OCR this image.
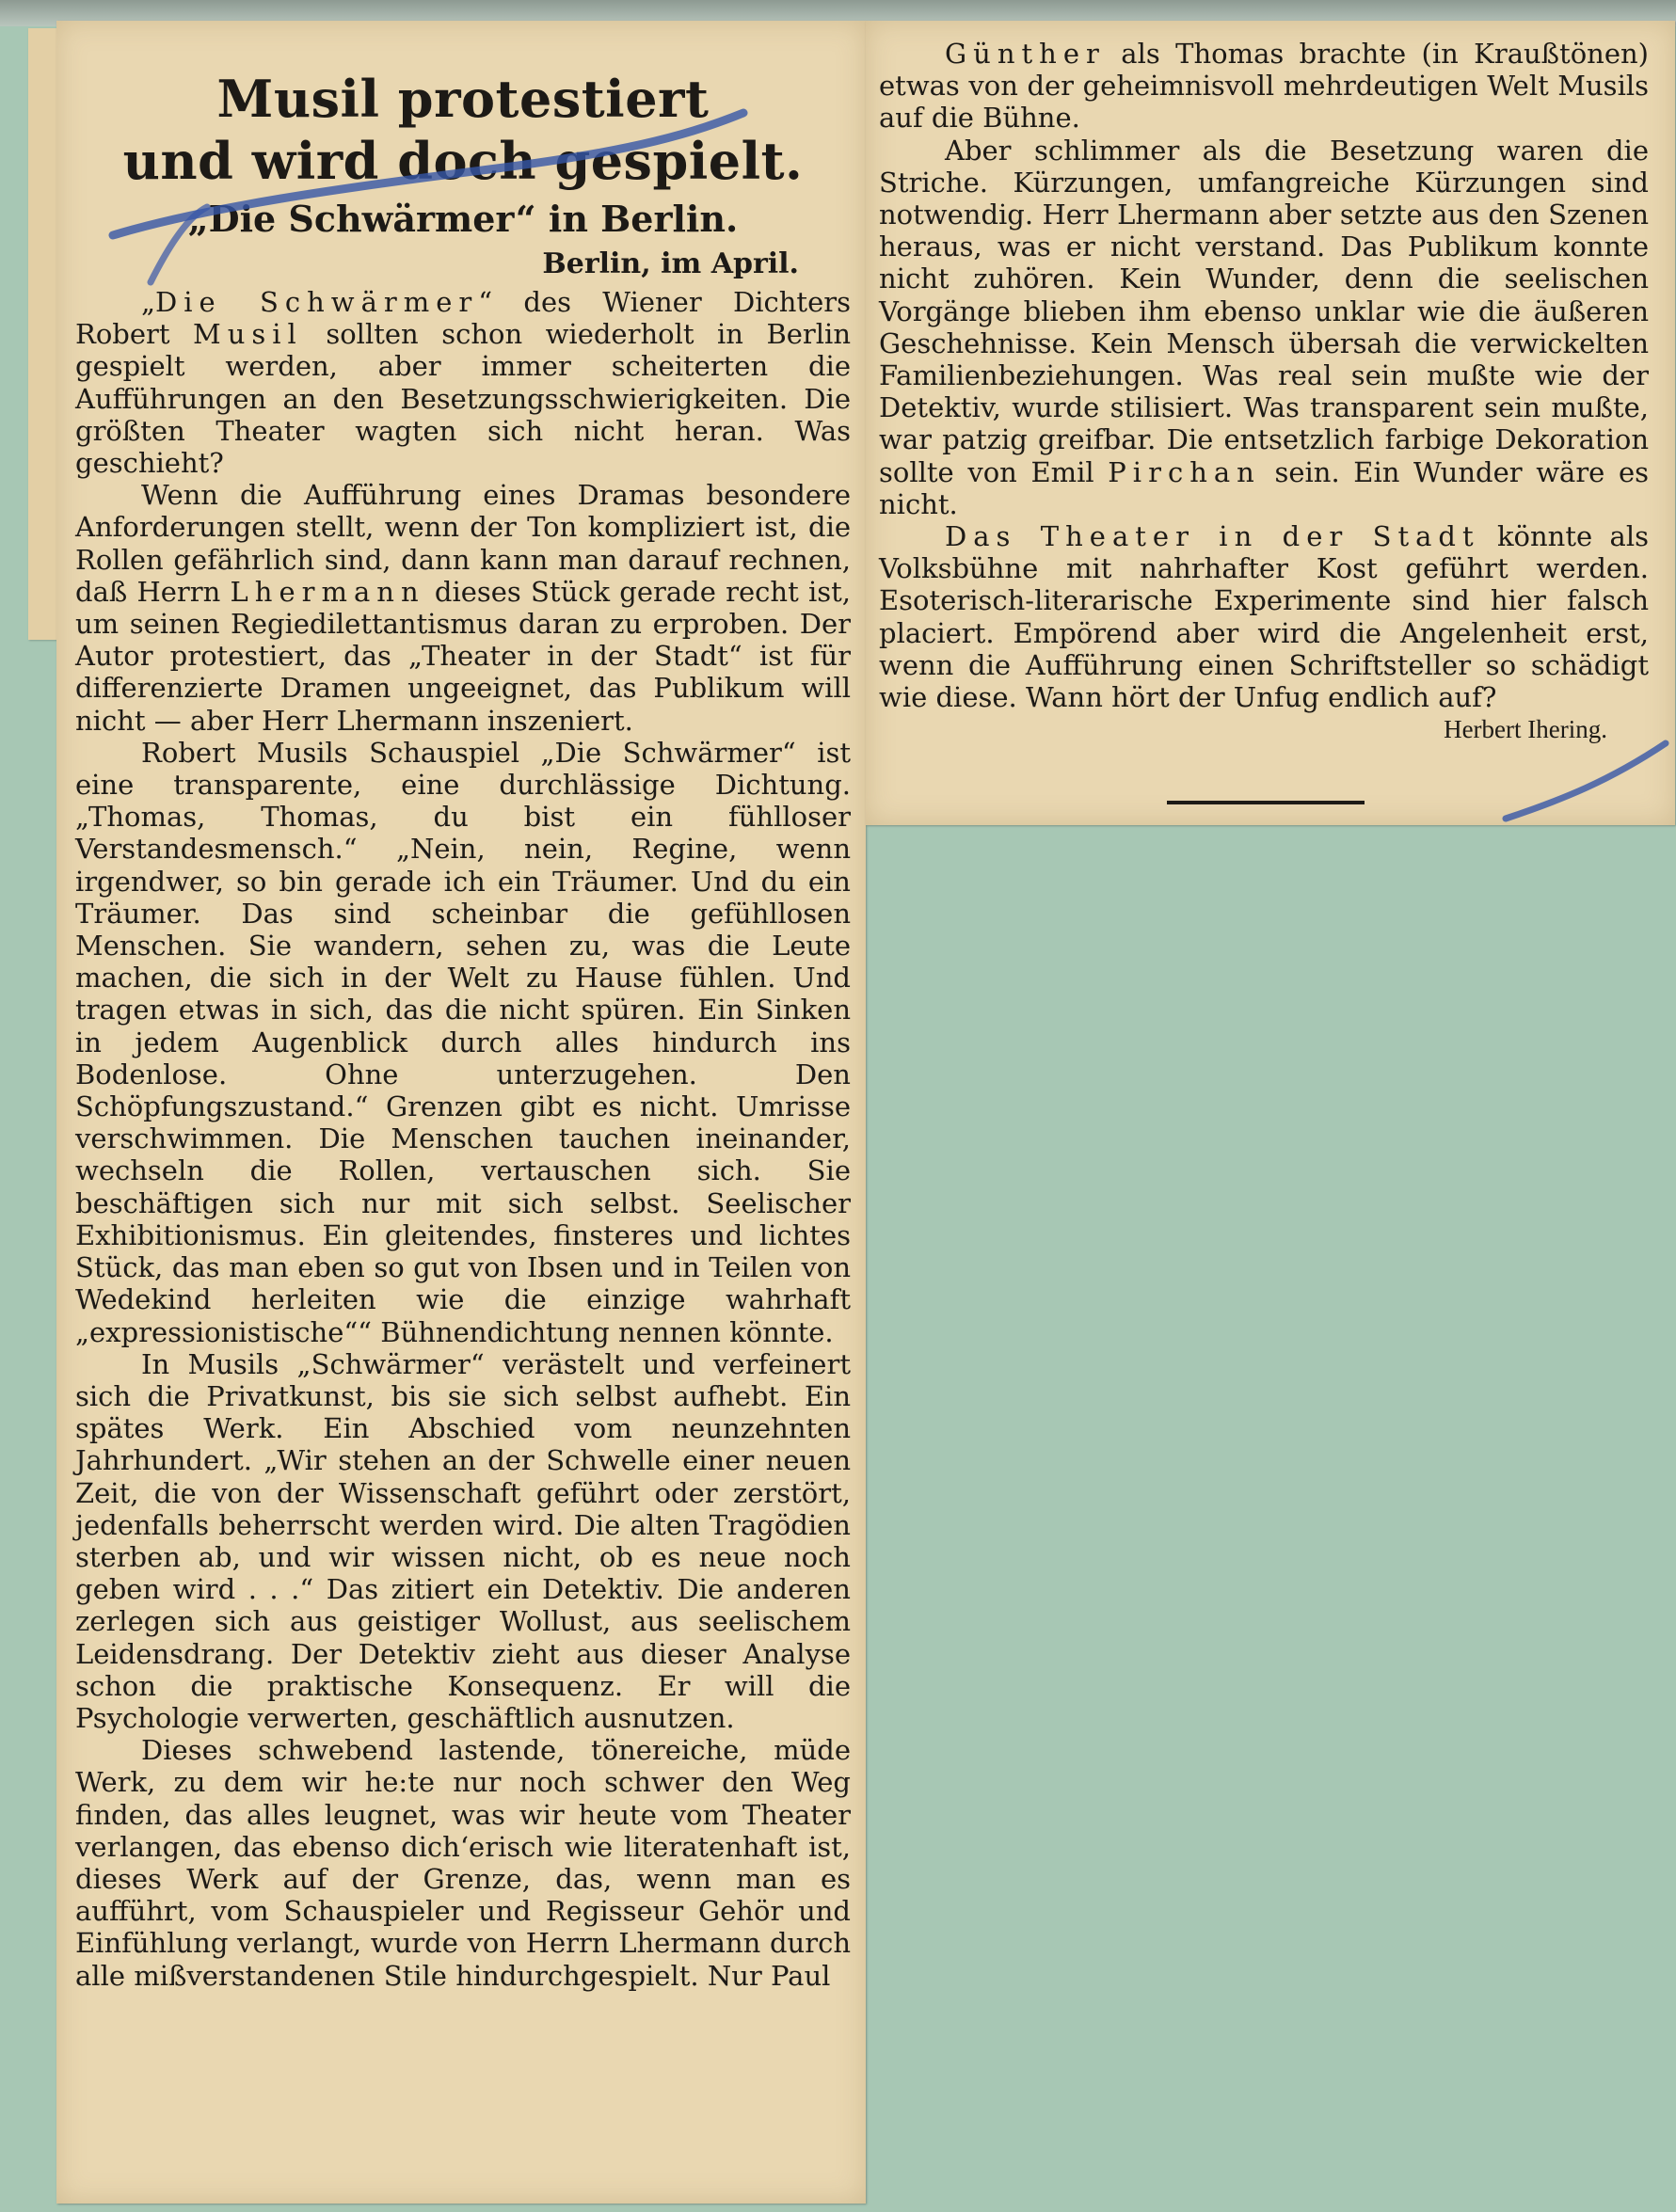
Musil protestiert
und wird doch gespielt.
„Die Schwärmer“ in Berlin.
Berlin, im April.

„Die Schwärmer“ des Wiener Dichters Robert Musil sollten schon wiederholt in Berlin gespielt werden, aber immer scheiterten die Aufführungen an den Besetzungsschwierigkeiten. Die größten Theater wagten sich nicht heran. Was geschieht?

Wenn die Aufführung eines Dramas besondere Anforderungen stellt, wenn der Ton kompliziert ist, die Rollen gefährlich sind, dann kann man darauf rechnen, daß Herrn Lhermann dieses Stück gerade recht ist, um seinen Regiedilettantismus daran zu erproben. Der Autor protestiert, das „Theater in der Stadt“ ist für differenzierte Dramen ungeeignet, das Publikum will nicht — aber Herr Lhermann inszeniert.

Robert Musils Schauspiel „Die Schwärmer“ ist eine transparente, eine durchlässige Dichtung. „Thomas, Thomas, du bist ein fühlloser Verstandesmensch.“ „Nein, nein, Regine, wenn irgendwer, so bin gerade ich ein Träumer. Und du ein Träumer. Das sind scheinbar die gefühllosen Menschen. Sie wandern, sehen zu, was die Leute machen, die sich in der Welt zu Hause fühlen. Und tragen etwas in sich, das die nicht spüren. Ein Sinken in jedem Augenblick durch alles hindurch ins Bodenlose. Ohne unterzugehen. Den Schöpfungszustand.“ Grenzen gibt es nicht. Umrisse verschwimmen. Die Menschen tauchen ineinander, wechseln die Rollen, vertauschen sich. Sie beschäftigen sich nur mit sich selbst. Seelischer Exhibitionismus. Ein gleitendes, finsteres und lichtes Stück, das man eben so gut von Ibsen und in Teilen von Wedekind herleiten wie die einzige wahrhaft „expressionistische““ Bühnendichtung nennen könnte.

In Musils „Schwärmer“ verästelt und verfeinert sich die Privatkunst, bis sie sich selbst aufhebt. Ein spätes Werk. Ein Abschied vom neunzehnten Jahrhundert. „Wir stehen an der Schwelle einer neuen Zeit, die von der Wissenschaft geführt oder zerstört, jedenfalls beherrscht werden wird. Die alten Tragödien sterben ab, und wir wissen nicht, ob es neue noch geben wird . . .“ Das zitiert ein Detektiv. Die anderen zerlegen sich aus geistiger Wollust, aus seelischem Leidensdrang. Der Detektiv zieht aus dieser Analyse schon die praktische Konsequenz. Er will die Psychologie verwerten, geschäftlich ausnutzen.

Dieses schwebend lastende, tönereiche, müde Werk, zu dem wir he:te nur noch schwer den Weg finden, das alles leugnet, was wir heute vom Theater verlangen, das ebenso dich‘erisch wie literatenhaft ist, dieses Werk auf der Grenze, das, wenn man es aufführt, vom Schauspieler und Regisseur Gehör und Einfühlung verlangt, wurde von Herrn Lhermann durch alle mißverstandenen Stile hindurchgespielt. Nur Paul

Günther als Thomas brachte (in Kraußtönen) etwas von der geheimnisvoll mehrdeutigen Welt Musils auf die Bühne.

Aber schlimmer als die Besetzung waren die Striche. Kürzungen, umfangreiche Kürzungen sind notwendig. Herr Lhermann aber setzte aus den Szenen heraus, was er nicht verstand. Das Publikum konnte nicht zuhören. Kein Wunder, denn die seelischen Vorgänge blieben ihm ebenso unklar wie die äußeren Geschehnisse. Kein Mensch übersah die verwickelten Familienbeziehungen. Was real sein mußte wie der Detektiv, wurde stilisiert. Was transparent sein mußte, war patzig greifbar. Die entsetzlich farbige Dekoration sollte von Emil Pirchan sein. Ein Wunder wäre es nicht.

Das Theater in der Stadt könnte als Volksbühne mit nahrhafter Kost geführt werden. Esoterisch-literarische Experimente sind hier falsch placiert. Empörend aber wird die Angelenheit erst, wenn die Aufführung einen Schriftsteller so schädigt wie diese. Wann hört der Unfug endlich auf?

Herbert Ihering.
